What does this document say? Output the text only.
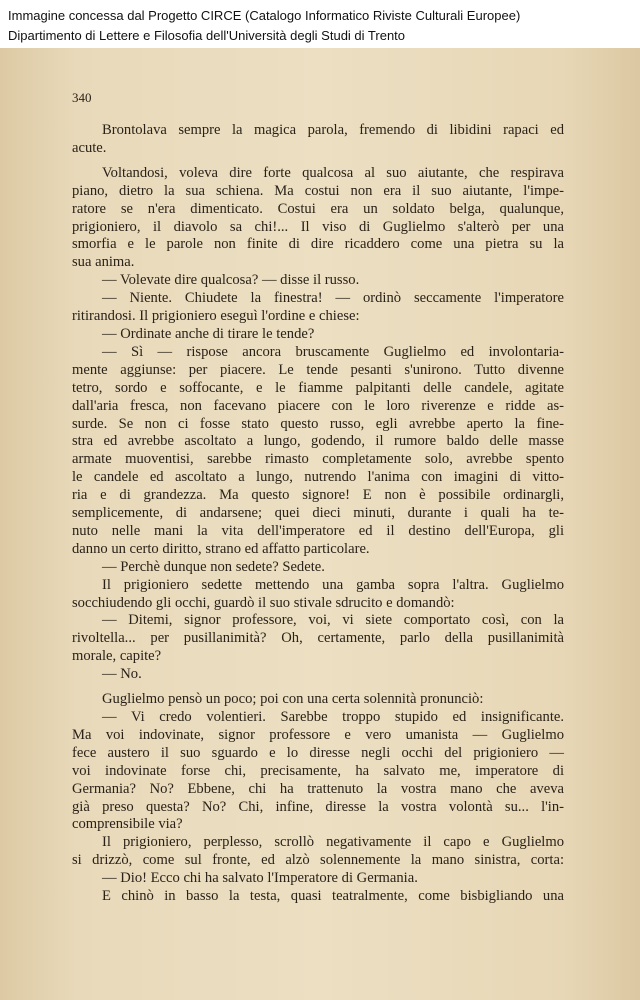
Immagine concessa dal Progetto CIRCE (Catalogo Informatico Riviste Culturali Europee)
Dipartimento di Lettere e Filosofia dell'Università degli Studi di Trento
340
Brontolava sempre la magica parola, fremendo di libidini rapaci ed
acute.
Voltandosi, voleva dire forte qualcosa al suo aiutante, che respirava
piano, dietro la sua schiena. Ma costui non era il suo aiutante, l'impe-
ratore se n'era dimenticato. Costui era un soldato belga, qualunque,
prigioniero, il diavolo sa chi!... Il viso di Guglielmo s'alterò per una
smorfia e le parole non finite di dire ricaddero come una pietra su la
sua anima.
— Volevate dire qualcosa? — disse il russo.
— Niente. Chiudete la finestra! — ordinò seccamente l'imperatore
ritirandosi. Il prigioniero eseguì l'ordine e chiese:
— Ordinate anche di tirare le tende?
— Sì — rispose ancora bruscamente Guglielmo ed involontaria-
mente aggiunse: per piacere. Le tende pesanti s'unirono. Tutto divenne
tetro, sordo e soffocante, e le fiamme palpitanti delle candele, agitate
dall'aria fresca, non facevano piacere con le loro riverenze e ridde as-
surde. Se non ci fosse stato questo russo, egli avrebbe aperto la fine-
stra ed avrebbe ascoltato a lungo, godendo, il rumore baldo delle masse
armate muoventisi, sarebbe rimasto completamente solo, avrebbe spento
le candele ed ascoltato a lungo, nutrendo l'anima con imagini di vitto-
ria e di grandezza. Ma questo signore! E non è possibile ordinargli,
semplicemente, di andarsene; quei dieci minuti, durante i quali ha te-
nuto nelle mani la vita dell'imperatore ed il destino dell'Europa, gli
danno un certo diritto, strano ed affatto particolare.
— Perchè dunque non sedete? Sedete.
Il prigioniero sedette mettendo una gamba sopra l'altra. Guglielmo
socchiudendo gli occhi, guardò il suo stivale sdrucito e domandò:
— Ditemi, signor professore, voi, vi siete comportato così, con la
rivoltella... per pusillanimità? Oh, certamente, parlo della pusillanimità
morale, capite?
— No.
Guglielmo pensò un poco; poi con una certa solennità pronunciò:
— Vi credo volentieri. Sarebbe troppo stupido ed insignificante.
Ma voi indovinate, signor professore e vero umanista — Guglielmo
fece austero il suo sguardo e lo diresse negli occhi del prigioniero —
voi indovinate forse chi, precisamente, ha salvato me, imperatore di
Germania? No? Ebbene, chi ha trattenuto la vostra mano che aveva
già preso questa? No? Chi, infine, diresse la vostra volontà su... l'in-
comprensibile via?
Il prigioniero, perplesso, scrollò negativamente il capo e Guglielmo
si drizzò, come sul fronte, ed alzò solennemente la mano sinistra, corta:
— Dio! Ecco chi ha salvato l'Imperatore di Germania.
E chinò in basso la testa, quasi teatralmente, come bisbigliando una
